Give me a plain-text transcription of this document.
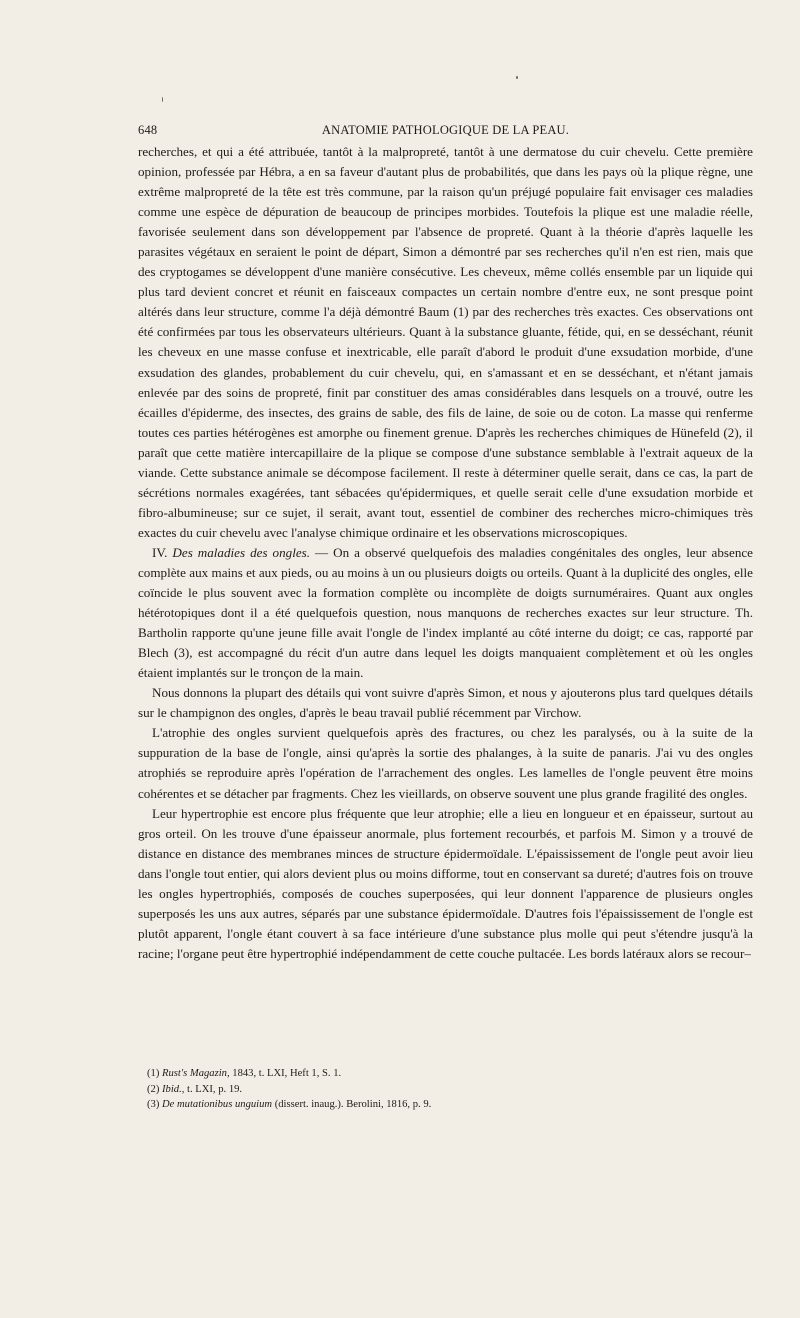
648	ANATOMIE PATHOLOGIQUE DE LA PEAU.

recherches, et qui a été attribuée, tantôt à la malpropreté, tantôt à une dermatose du cuir chevelu. Cette première opinion, professée par Hébra, a en sa faveur d'autant plus de probabilités, que dans les pays où la plique règne, une extrême malpropreté de la tête est très commune, par la raison qu'un préjugé populaire fait envisager ces maladies comme une espèce de dépuration de beaucoup de principes morbides. Toutefois la plique est une maladie réelle, favorisée seulement dans son développement par l'absence de propreté. Quant à la théorie d'après laquelle les parasites végétaux en seraient le point de départ, Simon a démontré par ses recherches qu'il n'en est rien, mais que des cryptogames se développent d'une manière consécutive. Les cheveux, même collés ensemble par un liquide qui plus tard devient concret et réunit en faisceaux compactes un certain nombre d'entre eux, ne sont presque point altérés dans leur structure, comme l'a déjà démontré Baum (1) par des recherches très exactes. Ces observations ont été confirmées par tous les observateurs ultérieurs. Quant à la substance gluante, fétide, qui, en se desséchant, réunit les cheveux en une masse confuse et inextricable, elle paraît d'abord le produit d'une exsudation morbide, d'une exsudation des glandes, probablement du cuir chevelu, qui, en s'amassant et en se desséchant, et n'étant jamais enlevée par des soins de propreté, finit par constituer des amas considérables dans lesquels on a trouvé, outre les écailles d'épiderme, des insectes, des grains de sable, des fils de laine, de soie ou de coton. La masse qui renferme toutes ces parties hétérogènes est amorphe ou finement grenue. D'après les recherches chimiques de Hünefeld (2), il paraît que cette matière intercapillaire de la plique se compose d'une substance semblable à l'extrait aqueux de la viande. Cette substance animale se décompose facilement. Il reste à déterminer quelle serait, dans ce cas, la part de sécrétions normales exagérées, tant sébacées qu'épidermiques, et quelle serait celle d'une exsudation morbide et fibro-albumineuse; sur ce sujet, il serait, avant tout, essentiel de combiner des recherches micro-chimiques très exactes du cuir chevelu avec l'analyse chimique ordinaire et les observations microscopiques.

IV. Des maladies des ongles. — On a observé quelquefois des maladies congénitales des ongles, leur absence complète aux mains et aux pieds, ou au moins à un ou plusieurs doigts ou orteils. Quant à la duplicité des ongles, elle coïncide le plus souvent avec la formation complète ou incomplète de doigts surnuméraires. Quant aux ongles hétérotopiques dont il a été quelquefois question, nous manquons de recherches exactes sur leur structure. Th. Bartholin rapporte qu'une jeune fille avait l'ongle de l'index implanté au côté interne du doigt; ce cas, rapporté par Blech (3), est accompagné du récit d'un autre dans lequel les doigts manquaient complètement et où les ongles étaient implantés sur le tronçon de la main.

Nous donnons la plupart des détails qui vont suivre d'après Simon, et nous y ajouterons plus tard quelques détails sur le champignon des ongles, d'après le beau travail publié récemment par Virchow.

L'atrophie des ongles survient quelquefois après des fractures, ou chez les paralysés, ou à la suite de la suppuration de la base de l'ongle, ainsi qu'après la sortie des phalanges, à la suite de panaris. J'ai vu des ongles atrophiés se reproduire après l'opération de l'arrachement des ongles. Les lamelles de l'ongle peuvent être moins cohérentes et se détacher par fragments. Chez les vieillards, on observe souvent une plus grande fragilité des ongles.

Leur hypertrophie est encore plus fréquente que leur atrophie; elle a lieu en longueur et en épaisseur, surtout au gros orteil. On les trouve d'une épaisseur anormale, plus fortement recourbés, et parfois M. Simon y a trouvé de distance en distance des membranes minces de structure épidermoïdale. L'épaississement de l'ongle peut avoir lieu dans l'ongle tout entier, qui alors devient plus ou moins difforme, tout en conservant sa dureté; d'autres fois on trouve les ongles hypertrophiés, composés de couches superposées, qui leur donnent l'apparence de plusieurs ongles superposés les uns aux autres, séparés par une substance épidermoïdale. D'autres fois l'épaississement de l'ongle est plutôt apparent, l'ongle étant couvert à sa face intérieure d'une substance plus molle qui peut s'étendre jusqu'à la racine; l'organe peut être hypertrophié indépendamment de cette couche pultacée. Les bords latéraux alors se recour–

(1) Rust's Magazin, 1843, t. LXI, Heft 1, S. 1.

(2) Ibid., t. LXI, p. 19.

(3) De mutationibus unguium (dissert. inaug.). Berolini, 1816, p. 9.
